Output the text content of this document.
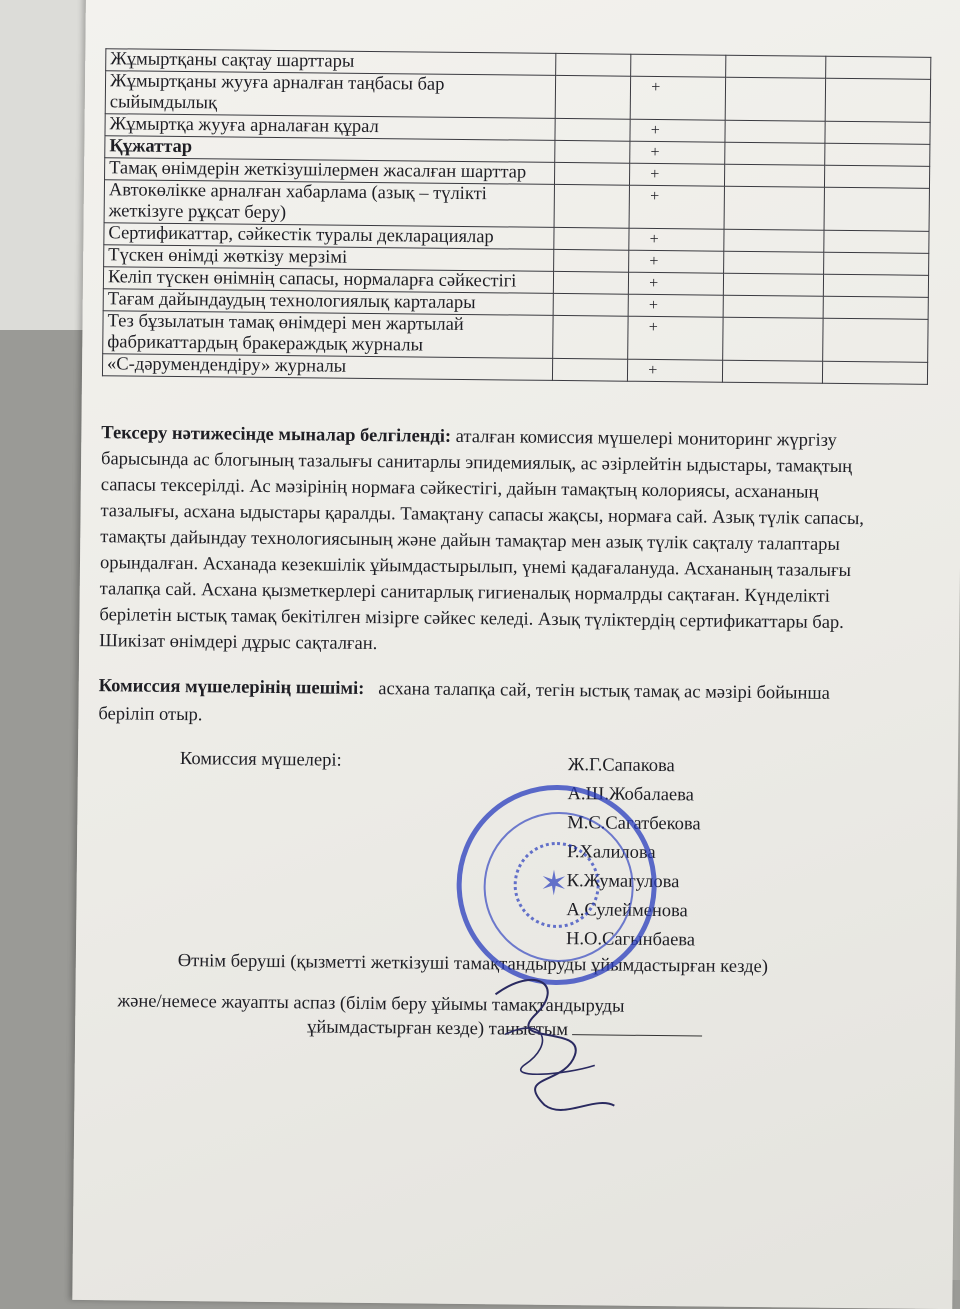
Жұмыртқаны сақтау шарттары				
Жұмыртқаны жууға арналған таңбасы бар сыйымдылық		+		
Жұмыртқа жууға арналаған құрал		+		
Құжаттар		+		
Тамақ өнімдерін жеткізушілермен жасалған шарттар		+		
Автокөлікке арналған хабарлама (азық – түлікті жеткізуге рұқсат беру)		+		
Сертификаттар, сәйкестік туралы декларациялар		+		
Түскен өнімді жөткізу мерзімі		+		
Келіп түскен өнімнің сапасы, нормаларға сәйкестігі		+		
Тағам дайындаудың технологиялық карталары		+		
Тез бұзылатын тамақ өнімдері мен жартылай фабрикаттардың бракераждық журналы		+		
«С-дәрумендендіру» журналы		+		
Тексеру нәтижесінде мыналар белгіленді: аталған комиссия мүшелері мониторинг жүргізу барысында ас блогының тазалығы санитарлы эпидемиялық, ас әзірлейтін ыдыстары, тамақтың сапасы тексерілді. Ас мәзірінің нормаға сәйкестігі, дайын тамақтың колориясы, асхананың тазалығы, асхана ыдыстары қаралды. Тамақтану сапасы жақсы, нормаға сай. Азық түлік сапасы, тамақты дайындау технологиясының және дайын тамақтар мен азық түлік сақталу талаптары орындалған. Асханада кезекшілік ұйымдастырылып, үнемі қадағалануда. Асхананың тазалығы талапқа сай. Асхана қызметкерлері санитарлық гигиеналық нормалрды сақтаған. Күнделікті берілетін ыстық тамақ бекітілген мізірге сәйкес келеді. Азық түліктердің сертификаттары бар. Шикізат өнімдері дұрыс сақталған.
Комиссия мүшелерінің шешімі: асхана талапқа сай, тегін ыстық тамақ ас мәзірі бойынша беріліп отыр.
Комиссия мүшелері:	Ж.Г.Сапакова
А.Ш.Жобалаева
М.С.Сагатбекова
Р.Халилова
К.Жумагулова
А.Сулейменова
Н.О.Сагынбаева
Өтнім беруші (қызметті жеткізуші тамақтандыруды ұйымдастырған кезде)
және/немесе жауапты аспаз (білім беру ұйымы тамақтандыруды
ұйымдастырған кезде) таныстым
✶
